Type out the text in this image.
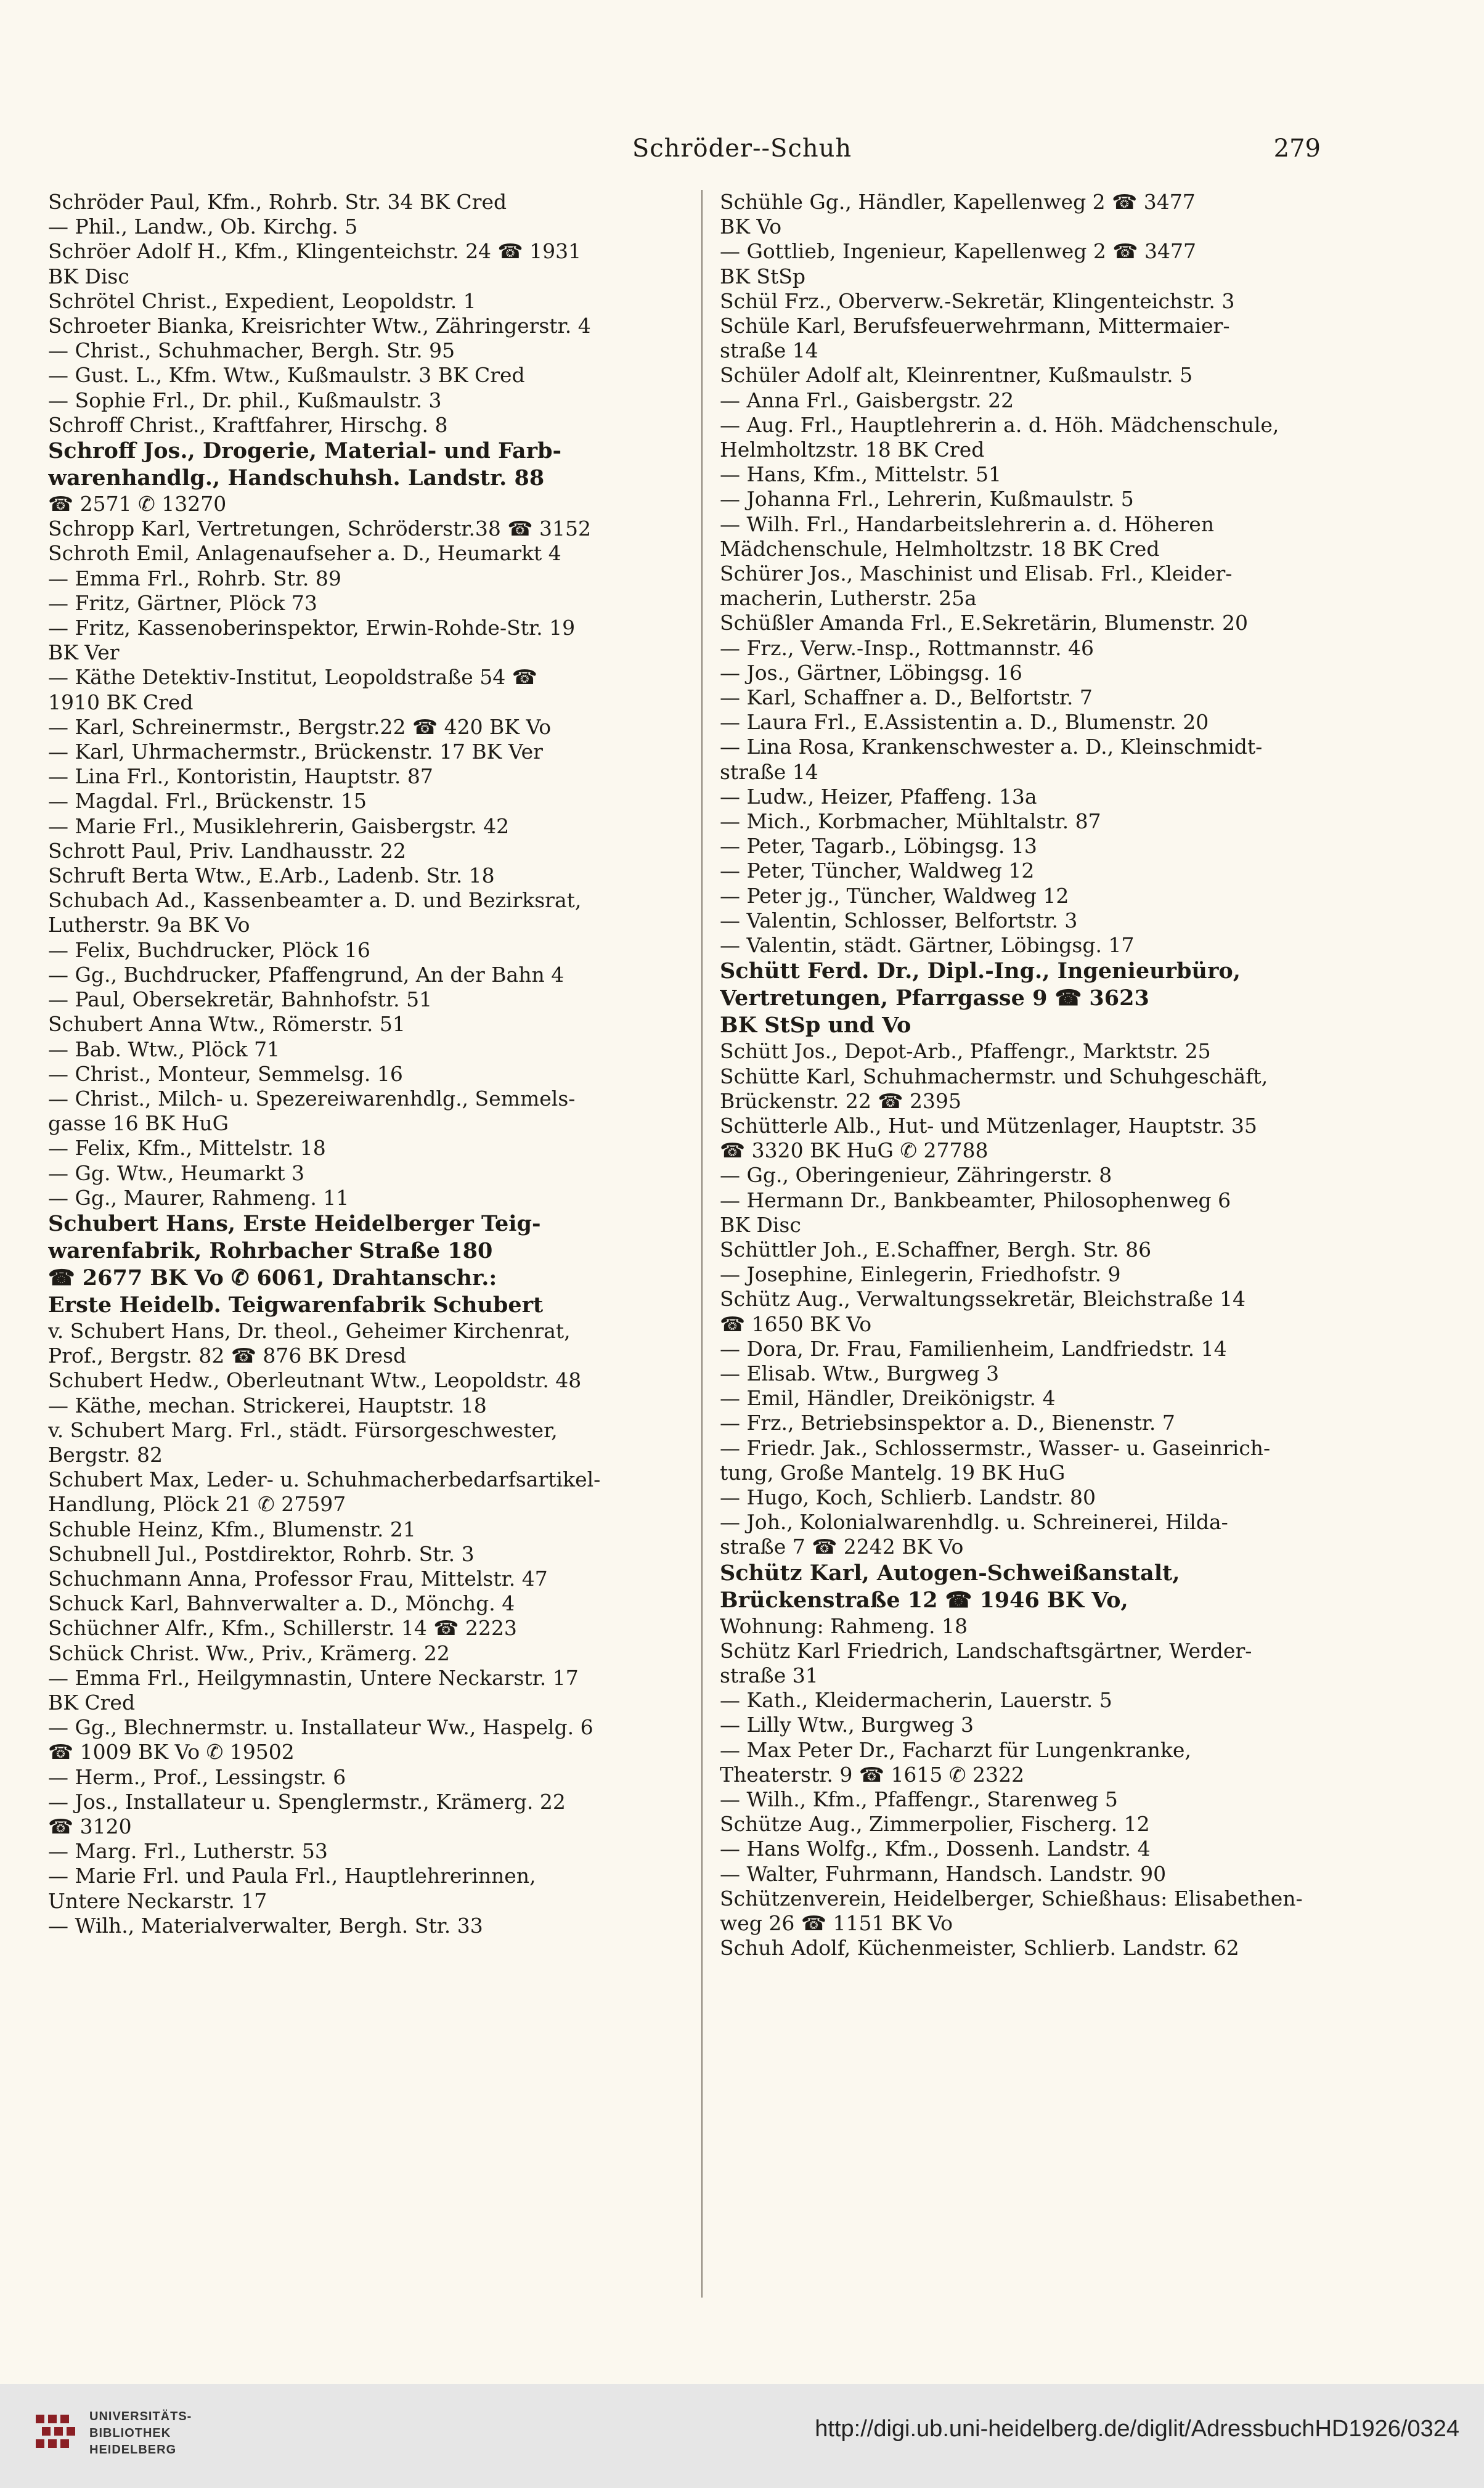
Schröder--Schuh	279

Schröder Paul, Kfm., Rohrb. Str. 34 BK Cred

— Phil., Landw., Ob. Kirchg. 5

Schröer Adolf H., Kfm., Klingenteichstr. 24 ☎ 1931

BK Disc

Schrötel Christ., Expedient, Leopoldstr. 1

Schroeter Bianka, Kreisrichter Wtw., Zähringerstr. 4

— Christ., Schuhmacher, Bergh. Str. 95

— Gust. L., Kfm. Wtw., Kußmaulstr. 3 BK Cred

— Sophie Frl., Dr. phil., Kußmaulstr. 3

Schroff Christ., Kraftfahrer, Hirschg. 8

Schroff Jos., Drogerie, Material- und Farb-

warenhandlg., Handschuhsh. Landstr. 88

☎ 2571 ✆ 13270

Schropp Karl, Vertretungen, Schröderstr.38 ☎ 3152

Schroth Emil, Anlagenaufseher a. D., Heumarkt 4

— Emma Frl., Rohrb. Str. 89

— Fritz, Gärtner, Plöck 73

— Fritz, Kassenoberinspektor, Erwin-Rohde-Str. 19

BK Ver

— Käthe Detektiv-Institut, Leopoldstraße 54 ☎

1910 BK Cred

— Karl, Schreinermstr., Bergstr.22 ☎ 420 BK Vo

— Karl, Uhrmachermstr., Brückenstr. 17 BK Ver

— Lina Frl., Kontoristin, Hauptstr. 87

— Magdal. Frl., Brückenstr. 15

— Marie Frl., Musiklehrerin, Gaisbergstr. 42

Schrott Paul, Priv. Landhausstr. 22

Schruft Berta Wtw., E.Arb., Ladenb. Str. 18

Schubach Ad., Kassenbeamter a. D. und Bezirksrat,

Lutherstr. 9a BK Vo

— Felix, Buchdrucker, Plöck 16

— Gg., Buchdrucker, Pfaffengrund, An der Bahn 4

— Paul, Obersekretär, Bahnhofstr. 51

Schubert Anna Wtw., Römerstr. 51

— Bab. Wtw., Plöck 71

— Christ., Monteur, Semmelsg. 16

— Christ., Milch- u. Spezereiwarenhdlg., Semmels-

gasse 16 BK HuG

— Felix, Kfm., Mittelstr. 18

— Gg. Wtw., Heumarkt 3

— Gg., Maurer, Rahmeng. 11

Schubert Hans, Erste Heidelberger Teig-

warenfabrik, Rohrbacher Straße 180

☎ 2677 BK Vo ✆ 6061, Drahtanschr.:

Erste Heidelb. Teigwarenfabrik Schubert

v. Schubert Hans, Dr. theol., Geheimer Kirchenrat,

Prof., Bergstr. 82 ☎ 876 BK Dresd

Schubert Hedw., Oberleutnant Wtw., Leopoldstr. 48

— Käthe, mechan. Strickerei, Hauptstr. 18

v. Schubert Marg. Frl., städt. Fürsorgeschwester,

Bergstr. 82

Schubert Max, Leder- u. Schuhmacherbedarfsartikel-

Handlung, Plöck 21 ✆ 27597

Schuble Heinz, Kfm., Blumenstr. 21

Schubnell Jul., Postdirektor, Rohrb. Str. 3

Schuchmann Anna, Professor Frau, Mittelstr. 47

Schuck Karl, Bahnverwalter a. D., Mönchg. 4

Schüchner Alfr., Kfm., Schillerstr. 14 ☎ 2223

Schück Christ. Ww., Priv., Krämerg. 22

— Emma Frl., Heilgymnastin, Untere Neckarstr. 17

BK Cred

— Gg., Blechnermstr. u. Installateur Ww., Haspelg. 6

☎ 1009 BK Vo ✆ 19502

— Herm., Prof., Lessingstr. 6

— Jos., Installateur u. Spenglermstr., Krämerg. 22

☎ 3120

— Marg. Frl., Lutherstr. 53

— Marie Frl. und Paula Frl., Hauptlehrerinnen,

Untere Neckarstr. 17

— Wilh., Materialverwalter, Bergh. Str. 33

Schühle Gg., Händler, Kapellenweg 2 ☎ 3477

BK Vo

— Gottlieb, Ingenieur, Kapellenweg 2 ☎ 3477

BK StSp

Schül Frz., Oberverw.-Sekretär, Klingenteichstr. 3

Schüle Karl, Berufsfeuerwehrmann, Mittermaier-

straße 14

Schüler Adolf alt, Kleinrentner, Kußmaulstr. 5

— Anna Frl., Gaisbergstr. 22

— Aug. Frl., Hauptlehrerin a. d. Höh. Mädchenschule,

Helmholtzstr. 18 BK Cred

— Hans, Kfm., Mittelstr. 51

— Johanna Frl., Lehrerin, Kußmaulstr. 5

— Wilh. Frl., Handarbeitslehrerin a. d. Höheren

Mädchenschule, Helmholtzstr. 18 BK Cred

Schürer Jos., Maschinist und Elisab. Frl., Kleider-

macherin, Lutherstr. 25a

Schüßler Amanda Frl., E.Sekretärin, Blumenstr. 20

— Frz., Verw.-Insp., Rottmannstr. 46

— Jos., Gärtner, Löbingsg. 16

— Karl, Schaffner a. D., Belfortstr. 7

— Laura Frl., E.Assistentin a. D., Blumenstr. 20

— Lina Rosa, Krankenschwester a. D., Kleinschmidt-

straße 14

— Ludw., Heizer, Pfaffeng. 13a

— Mich., Korbmacher, Mühltalstr. 87

— Peter, Tagarb., Löbingsg. 13

— Peter, Tüncher, Waldweg 12

— Peter jg., Tüncher, Waldweg 12

— Valentin, Schlosser, Belfortstr. 3

— Valentin, städt. Gärtner, Löbingsg. 17

Schütt Ferd. Dr., Dipl.-Ing., Ingenieurbüro,

Vertretungen, Pfarrgasse 9 ☎ 3623

BK StSp und Vo

Schütt Jos., Depot-Arb., Pfaffengr., Marktstr. 25

Schütte Karl, Schuhmachermstr. und Schuhgeschäft,

Brückenstr. 22 ☎ 2395

Schütterle Alb., Hut- und Mützenlager, Hauptstr. 35

☎ 3320 BK HuG ✆ 27788

— Gg., Oberingenieur, Zähringerstr. 8

— Hermann Dr., Bankbeamter, Philosophenweg 6

BK Disc

Schüttler Joh., E.Schaffner, Bergh. Str. 86

— Josephine, Einlegerin, Friedhofstr. 9

Schütz Aug., Verwaltungssekretär, Bleichstraße 14

☎ 1650 BK Vo

— Dora, Dr. Frau, Familienheim, Landfriedstr. 14

— Elisab. Wtw., Burgweg 3

— Emil, Händler, Dreikönigstr. 4

— Frz., Betriebsinspektor a. D., Bienenstr. 7

— Friedr. Jak., Schlossermstr., Wasser- u. Gaseinrich-

tung, Große Mantelg. 19 BK HuG

— Hugo, Koch, Schlierb. Landstr. 80

— Joh., Kolonialwarenhdlg. u. Schreinerei, Hilda-

straße 7 ☎ 2242 BK Vo

Schütz Karl, Autogen-Schweißanstalt,

Brückenstraße 12 ☎ 1946 BK Vo,

Wohnung: Rahmeng. 18

Schütz Karl Friedrich, Landschaftsgärtner, Werder-

straße 31

— Kath., Kleidermacherin, Lauerstr. 5

— Lilly Wtw., Burgweg 3

— Max Peter Dr., Facharzt für Lungenkranke,

Theaterstr. 9 ☎ 1615 ✆ 2322

— Wilh., Kfm., Pfaffengr., Starenweg 5

Schütze Aug., Zimmerpolier, Fischerg. 12

— Hans Wolfg., Kfm., Dossenh. Landstr. 4

— Walter, Fuhrmann, Handsch. Landstr. 90

Schützenverein, Heidelberger, Schießhaus: Elisabethen-

weg 26 ☎ 1151 BK Vo

Schuh Adolf, Küchenmeister, Schlierb. Landstr. 62

UNIVERSITÄTS-
BIBLIOTHEK
HEIDELBERG
http://digi.ub.uni-heidelberg.de/diglit/AdressbuchHD1926/0324
